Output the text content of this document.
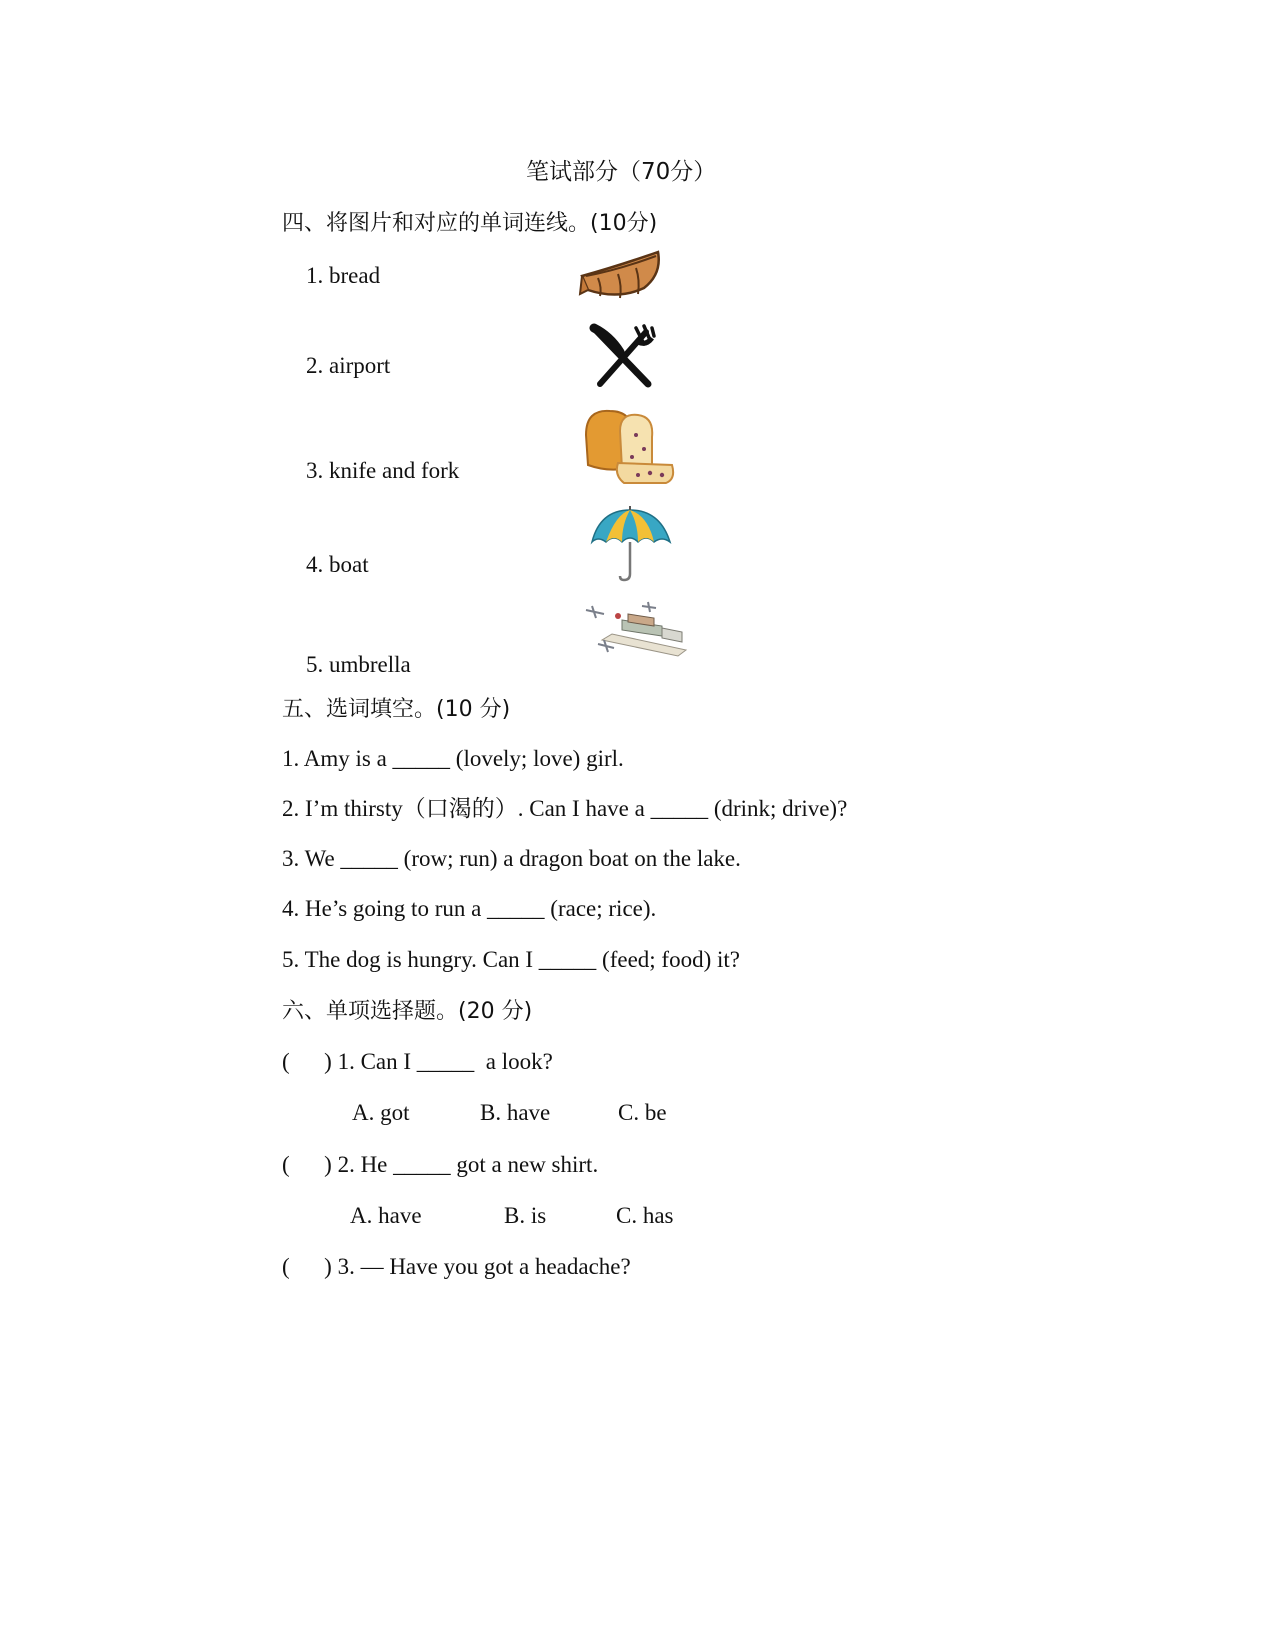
笔试部分（70分）
四、将图片和对应的单词连线。(10分)
1. bread
2. airport
3. knife and fork
4. boat
5. umbrella
五、选词填空。(10 分)
1. Amy is a _____ (lovely; love) girl.
2. I’m thirsty（口渴的）. Can I have a _____ (drink; drive)?
3. We _____ (row; run) a dragon boat on the lake.
4. He’s going to run a _____ (race; rice).
5. The dog is hungry. Can I _____ (feed; food) it?
六、单项选择题。(20 分)
(      ) 1. Can I _____  a look?
A. got	B. have	C. be
(      ) 2. He _____ got a new shirt.
A. have	B. is	C. has
(      ) 3. — Have you got a headache?
